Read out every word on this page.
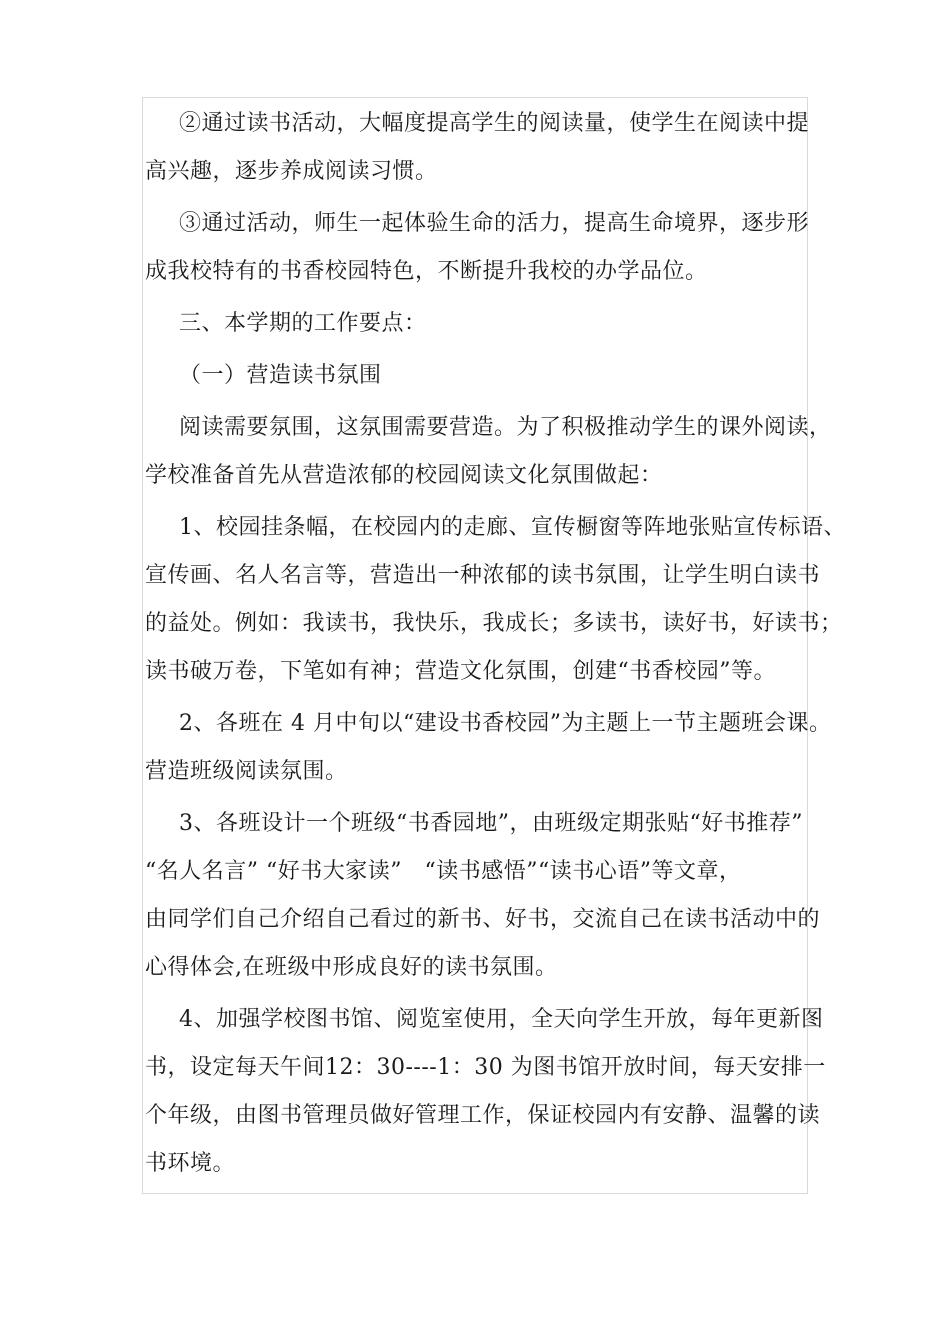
②通过读书活动，大幅度提高学生的阅读量，使学生在阅读中提
高兴趣，逐步养成阅读习惯。

③通过活动，师生一起体验生命的活力，提高生命境界，逐步形
成我校特有的书香校园特色，不断提升我校的办学品位。

三、本学期的工作要点：

（一）营造读书氛围

阅读需要氛围，这氛围需要营造。为了积极推动学生的课外阅读，
学校准备首先从营造浓郁的校园阅读文化氛围做起：

1、校园挂条幅，在校园内的走廊、宣传橱窗等阵地张贴宣传标语、
宣传画、名人名言等，营造出一种浓郁的读书氛围，让学生明白读书
的益处。例如：我读书，我快乐，我成长；多读书，读好书，好读书；
读书破万卷，下笔如有神；营造文化氛围，创建“书香校园”等。

2、各班在 4 月中旬以“建设书香校园”为主题上一节主题班会课。
营造班级阅读氛围。

3、各班设计一个班级“书香园地”，由班级定期张贴“好书推荐”
“名人名言” “好书大家读”   “读书感悟”“读书心语”等文章，
由同学们自己介绍自己看过的新书、好书，交流自己在读书活动中的
心得体会,在班级中形成良好的读书氛围。

4、加强学校图书馆、阅览室使用，全天向学生开放，每年更新图
书，设定每天午间12：30----1：30 为图书馆开放时间，每天安排一
个年级，由图书管理员做好管理工作，保证校园内有安静、温馨的读
书环境。
